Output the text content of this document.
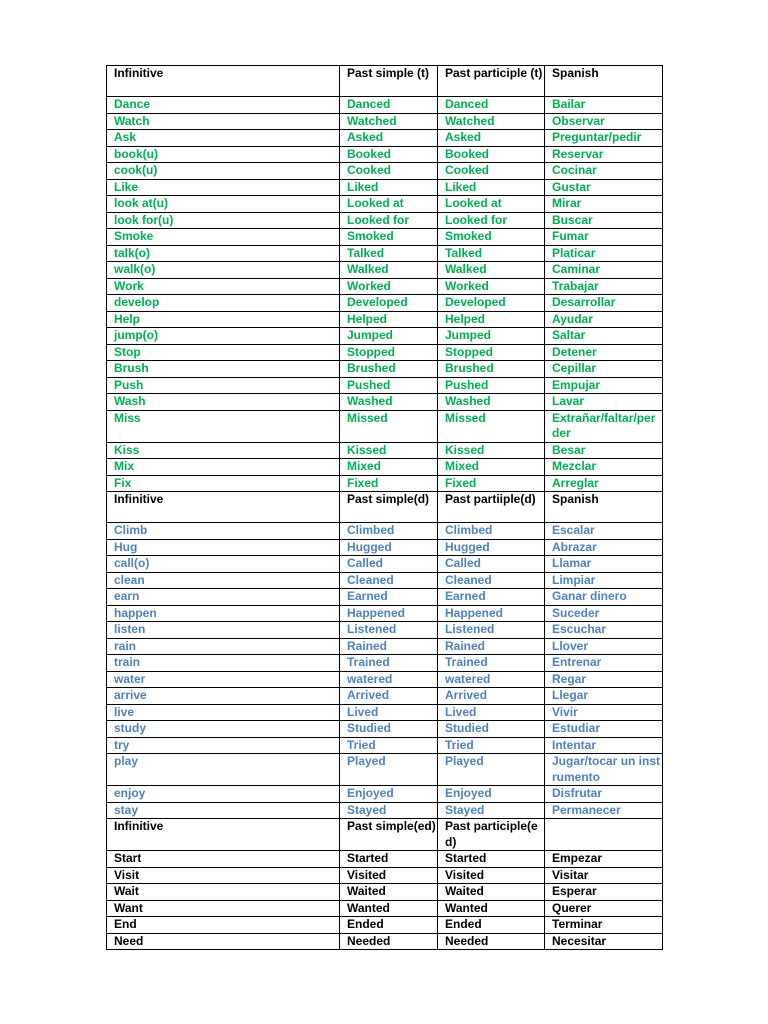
Infinitive	Past simple (t)	Past participle (t)	Spanish
Dance	Danced	Danced	Bailar
Watch	Watched	Watched	Observar
Ask	Asked	Asked	Preguntar/pedir
book(u)	Booked	Booked	Reservar
cook(u)	Cooked	Cooked	Cocinar
Like	Liked	Liked	Gustar
look at(u)	Looked at	Looked at	Mirar
look for(u)	Looked for	Looked for	Buscar
Smoke	Smoked	Smoked	Fumar
talk(o)	Talked	Talked	Platicar
walk(o)	Walked	Walked	Caminar
Work	Worked	Worked	Trabajar
develop	Developed	Developed	Desarrollar
Help	Helped	Helped	Ayudar
jump(o)	Jumped	Jumped	Saltar
Stop	Stopped	Stopped	Detener
Brush	Brushed	Brushed	Cepillar
Push	Pushed	Pushed	Empujar
Wash	Washed	Washed	Lavar
Miss	Missed	Missed	Extrañar/faltar/perder
Kiss	Kissed	Kissed	Besar
Mix	Mixed	Mixed	Mezclar
Fix	Fixed	Fixed	Arreglar
Infinitive	Past simple(d)	Past partiiple(d)	Spanish
Climb	Climbed	Climbed	Escalar
Hug	Hugged	Hugged	Abrazar
call(o)	Called	Called	Llamar
clean	Cleaned	Cleaned	Limpiar
earn	Earned	Earned	Ganar dinero
happen	Happened	Happened	Suceder
listen	Listened	Listened	Escuchar
rain	Rained	Rained	Llover
train	Trained	Trained	Entrenar
water	watered	watered	Regar
arrive	Arrived	Arrived	Llegar
live	Lived	Lived	Vivir
study	Studied	Studied	Estudiar
try	Tried	Tried	Intentar
play	Played	Played	Jugar/tocar un instrumento
enjoy	Enjoyed	Enjoyed	Disfrutar
stay	Stayed	Stayed	Permanecer
Infinitive	Past simple(ed)	Past participle(ed)	
Start	Started	Started	Empezar
Visit	Visited	Visited	Visitar
Wait	Waited	Waited	Esperar
Want	Wanted	Wanted	Querer
End	Ended	Ended	Terminar
Need	Needed	Needed	Necesitar
